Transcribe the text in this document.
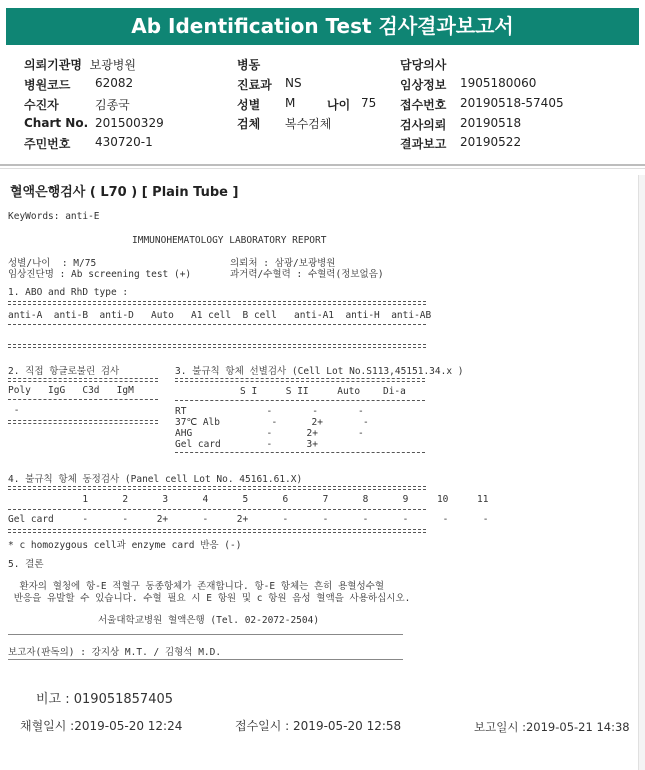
Ab Identification Test 검사결과보고서
의뢰기관명 보광병원
병원코드 62082
수진자	김종국
Chart No. 201500329
주민번호 430720-1
병동
진료과 NS
성별 M	나이 75
검체 복수검체
담당의사
임상정보 1905180060
접수번호 20190518-57405
검사의뢰 20190518
결과보고 20190522
혈액은행검사 ( L70 ) [ Plain Tube ]
KeyWords: anti-E
IMMUNOHEMATOLOGY LABORATORY REPORT
성별/나이  : M/75	의뢰처 : 삼광/보광병원
임상진단명 : Ab screening test (+)	과거력/수혈력 : 수혈력(정보없음)
1. ABO and RhD type :
anti-A  anti-B  anti-D   Auto   A1 cell  B cell   anti-A1  anti-H  anti-AB
2. 직접 항글로불린 검사
Poly   IgG   C3d   IgM
-
3. 불규칙 항체 선별검사 (Cell Lot No.S113,45151.34.x )
S I     S II     Auto    Di-a
RT              -       -       -
37℃ Alb         -      2+       -
AHG             -      2+       -
Gel card        -      3+
4. 불규칙 항체 동정검사 (Panel cell Lot No. 45161.61.X)
1      2      3      4      5      6      7      8      9     10     11
Gel card     -      -     2+      -     2+      -      -      -      -      -      -
* c homozygous cell과 enzyme card 반응 (-)
5. 결론
환자의 혈청에 항-E 적혈구 동종항체가 존재합니다. 항-E 항체는 흔히 용혈성수혈
반응을 유발할 수 있습니다. 수혈 필요 시 E 항원 및 c 항원 음성 혈액을 사용하십시오.
서울대학교병원 혈액은행 (Tel. 02-2072-2504)
보고자(판독의) : 강지상 M.T. / 김형석 M.D.
비고 : 019051857405
채혈일시 :2019-05-20 12:24	접수일시 : 2019-05-20 12:58	보고일시 :2019-05-21 14:38
